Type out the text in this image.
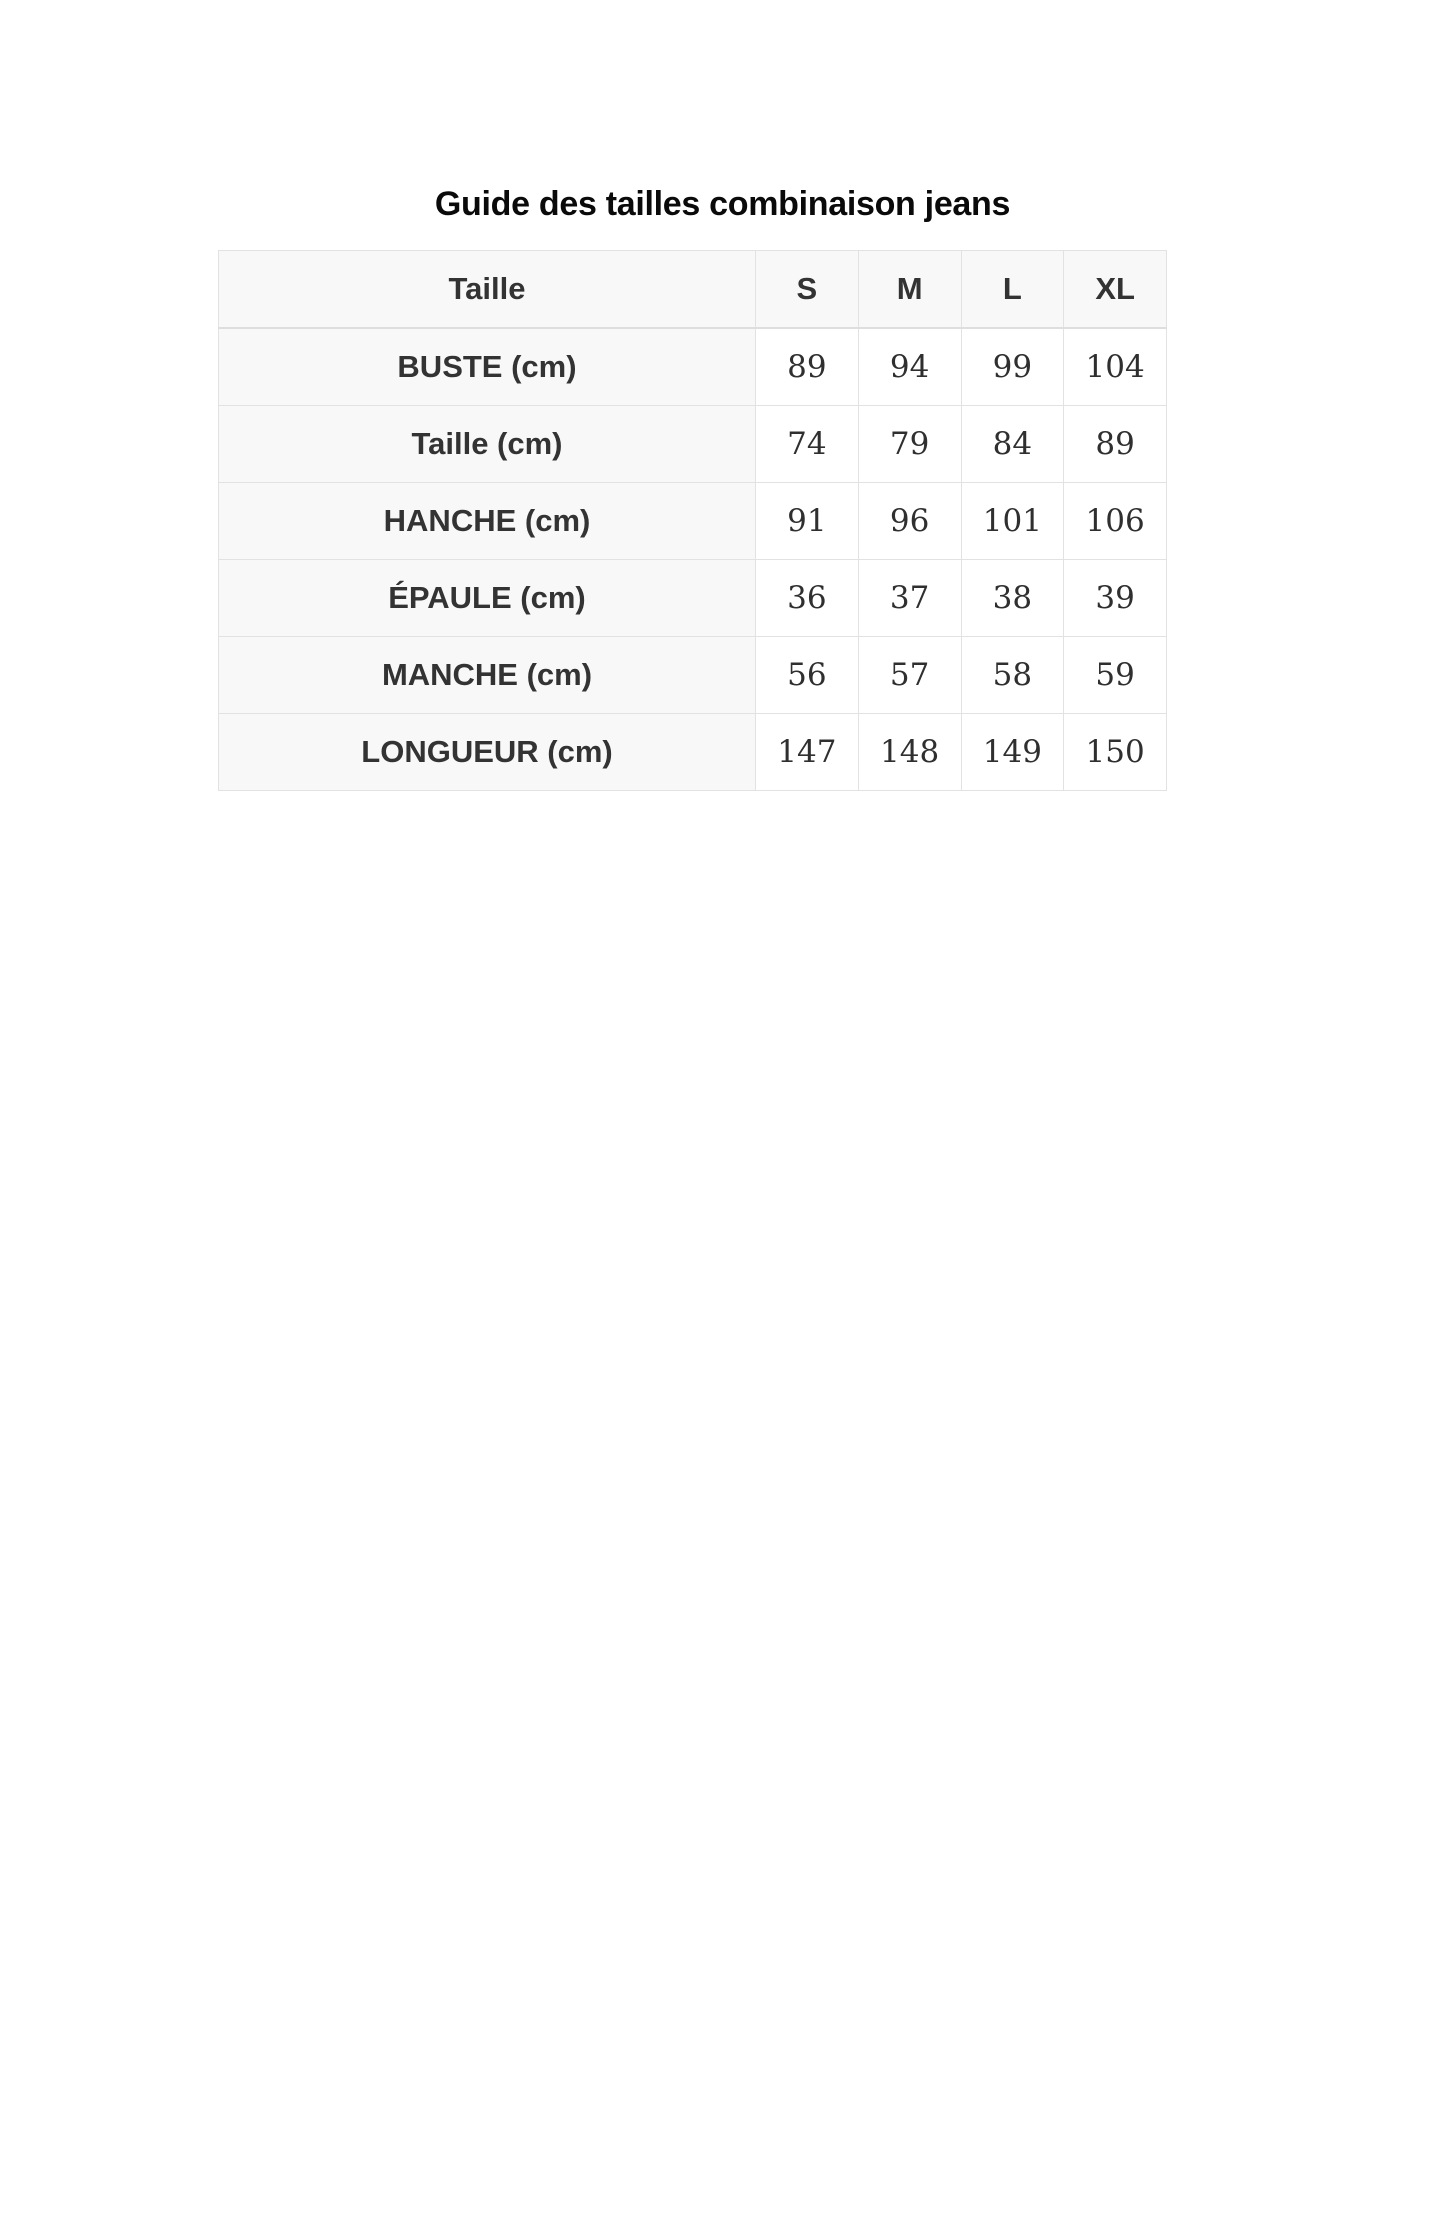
Guide des tailles combinaison jeans
Taille	S	M	L	XL
BUSTE (cm)	89	94	99	104
Taille (cm)	74	79	84	89
HANCHE (cm)	91	96	101	106
ÉPAULE (cm)	36	37	38	39
MANCHE (cm)	56	57	58	59
LONGUEUR (cm)	147	148	149	150
